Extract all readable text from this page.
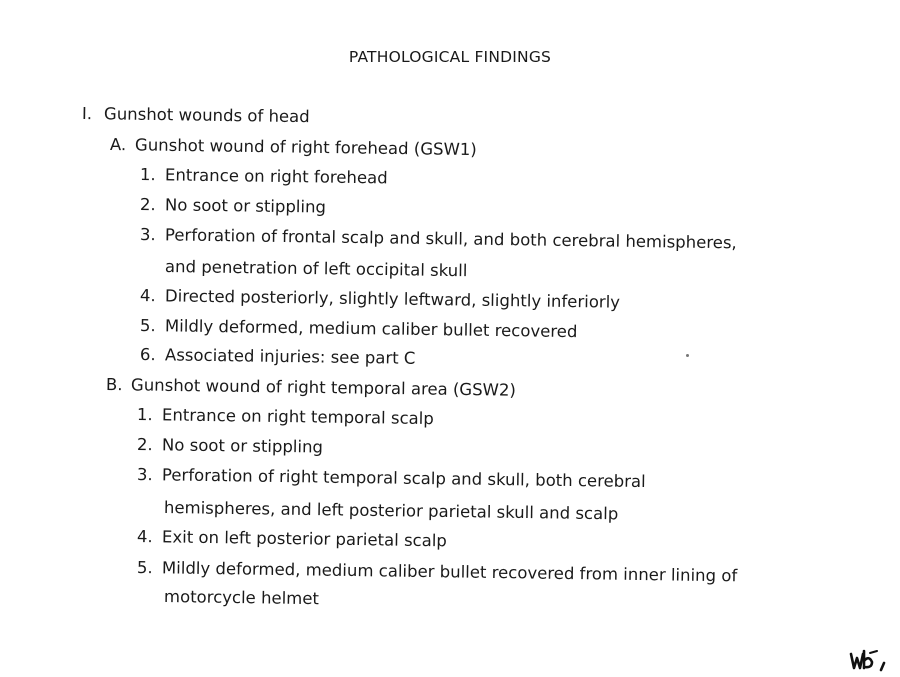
PATHOLOGICAL FINDINGS
I. Gunshot wounds of head
A. Gunshot wound of right forehead (GSW1)
1. Entrance on right forehead
2. No soot or stippling
3. Perforation of frontal scalp and skull, and both cerebral hemispheres,
and penetration of left occipital skull
4. Directed posteriorly, slightly leftward, slightly inferiorly
5. Mildly deformed, medium caliber bullet recovered
6. Associated injuries: see part C
B. Gunshot wound of right temporal area (GSW2)
1. Entrance on right temporal scalp
2. No soot or stippling
3. Perforation of right temporal scalp and skull, both cerebral
hemispheres, and left posterior parietal skull and scalp
4. Exit on left posterior parietal scalp
5. Mildly deformed, medium caliber bullet recovered from inner lining of
motorcycle helmet
